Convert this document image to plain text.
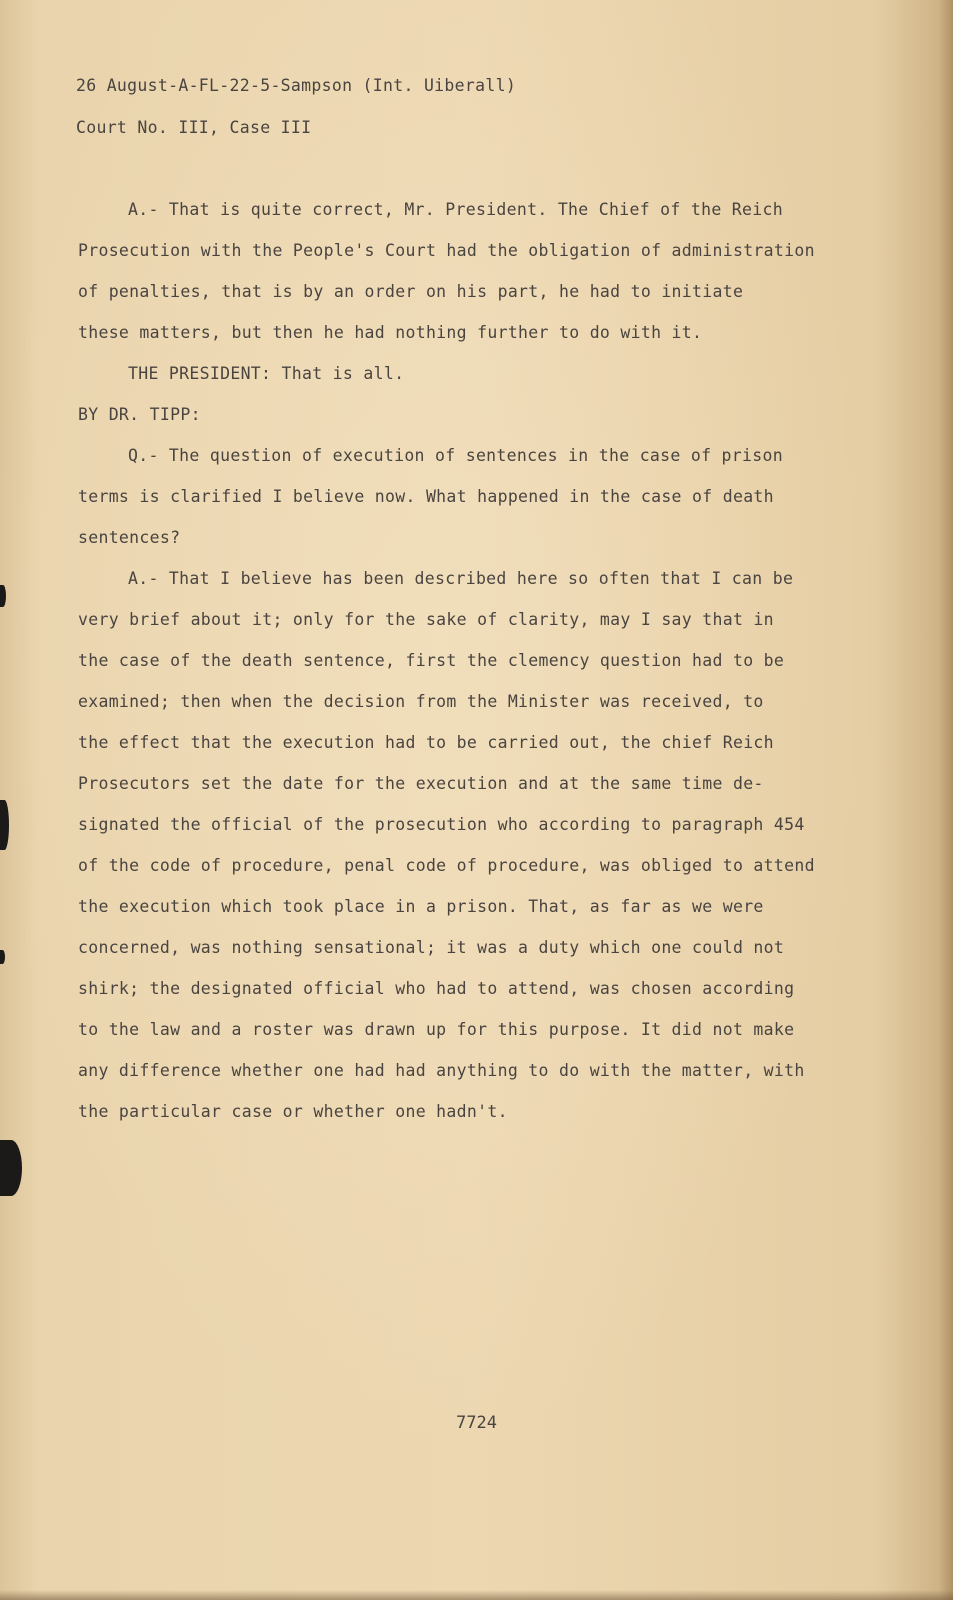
26 August-A-FL-22-5-Sampson (Int. Uiberall)
Court No. III, Case III
A.- That is quite correct, Mr. President. The Chief of the Reich
Prosecution with the People's Court had the obligation of administration
of penalties, that is by an order on his part, he had to initiate
these matters, but then he had nothing further to do with it.
THE PRESIDENT: That is all.
BY DR. TIPP:
Q.- The question of execution of sentences in the case of prison
terms is clarified I believe now. What happened in the case of death
sentences?
A.- That I believe has been described here so often that I can be
very brief about it; only for the sake of clarity, may I say that in
the case of the death sentence, first the clemency question had to be
examined; then when the decision from the Minister was received, to
the effect that the execution had to be carried out, the chief Reich
Prosecutors set the date for the execution and at the same time de-
signated the official of the prosecution who according to paragraph 454
of the code of procedure, penal code of procedure, was obliged to attend
the execution which took place in a prison. That, as far as we were
concerned, was nothing sensational; it was a duty which one could not
shirk; the designated official who had to attend, was chosen according
to the law and a roster was drawn up for this purpose. It did not make
any difference whether one had had anything to do with the matter, with
the particular case or whether one hadn't.
7724
